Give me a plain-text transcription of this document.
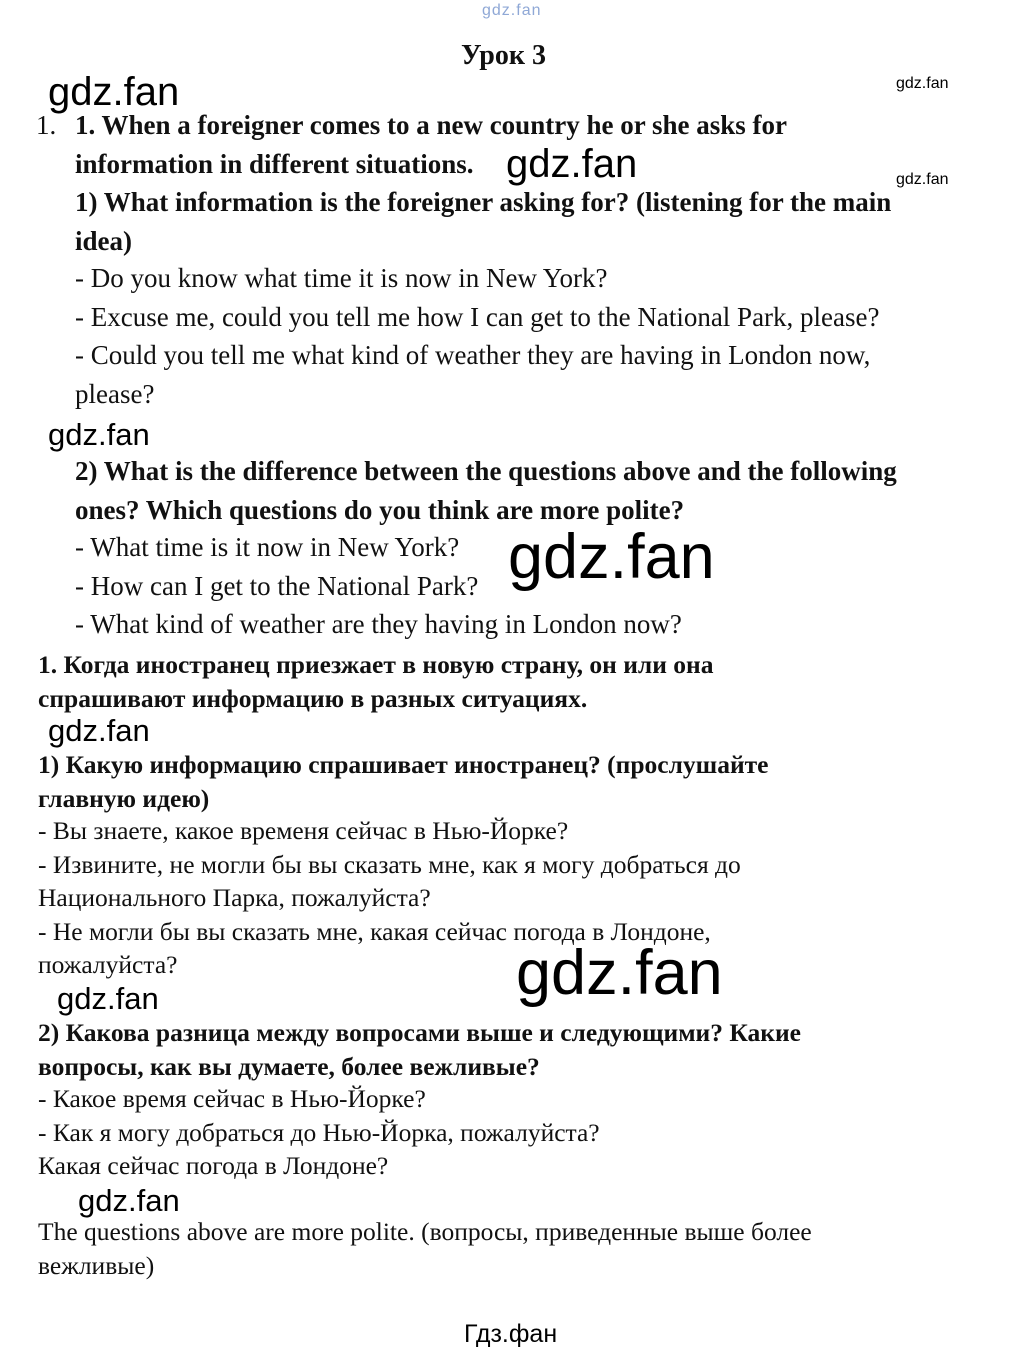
gdz.fan
Урок 3
1. 1. When a foreigner comes to a new country he or she asks for
information in different situations.
1) What information is the foreigner asking for? (listening for the main
idea)
- Do you know what time it is now in New York?
- Excuse me, could you tell me how I can get to the National Park, please?
- Could you tell me what kind of weather they are having in London now,
please?
2) What is the difference between the questions above and the following
ones? Which questions do you think are more polite?
- What time is it now in New York?
- How can I get to the National Park?
- What kind of weather are they having in London now?
1. Когда иностранец приезжает в новую страну, он или она
спрашивают информацию в разных ситуациях.
1) Какую информацию спрашивает иностранец? (прослушайте
главную идею)
- Вы знаете, какое временя сейчас в Нью-Йорке?
- Извините, не могли бы вы сказать мне, как я могу добраться до
Национального Парка, пожалуйста?
- Не могли бы вы сказать мне, какая сейчас погода в Лондоне,
пожалуйста?
2) Какова разница между вопросами выше и следующими? Какие
вопросы, как вы думаете, более вежливые?
- Какое время сейчас в Нью-Йорке?
- Как я могу добраться до Нью-Йорка, пожалуйста?
Какая сейчас погода в Лондоне?
The questions above are more polite. (вопросы, приведенные выше более
вежливые)
Гдз.фан
gdz.fan	gdz.fan
gdz.fan	gdz.fan
gdz.fan
gdz.fan
gdz.fan
gdz.fan
gdz.fan
gdz.fan
